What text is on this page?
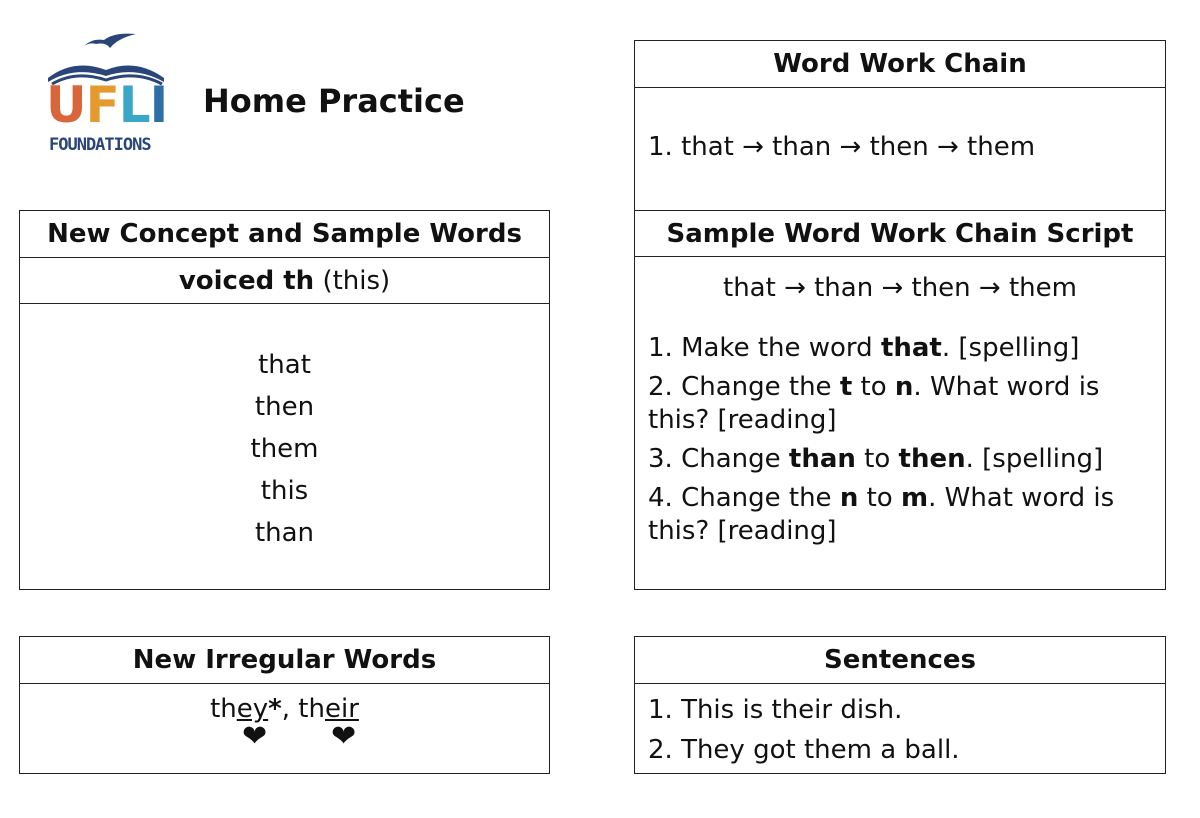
UFLI
FOUNDATIONS
Home Practice
New Concept and Sample Words
voiced th (this)
that
then
them
this
than
Word Work Chain
1. that → than → then → them
Sample Word Work Chain Script
that → than → then → them

1. Make the word that. [spelling]

2. Change the t to n. What word is this? [reading]

3. Change than to then. [spelling]

4. Change the n to m. What word is this? [reading]

New Irregular Words
they*, their
❤ ❤
Sentences

1. This is their dish.

2. They got them a ball.
